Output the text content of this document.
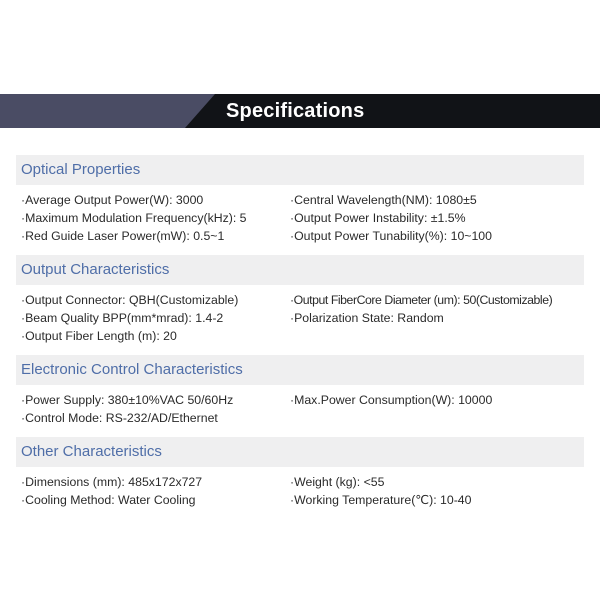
Specifications
Optical Properties
·Average Output Power(W): 3000	·Central Wavelength(NM): 1080±5
·Maximum Modulation Frequency(kHz): 5	·Output Power Instability: ±1.5%
·Red Guide Laser Power(mW): 0.5~1	·Output Power Tunability(%): 10~100
Output Characteristics
·Output Connector: QBH(Customizable)	·Output FiberCore Diameter (um): 50(Customizable)
·Beam Quality BPP(mm*mrad): 1.4-2	·Polarization State: Random
·Output Fiber Length (m): 20
Electronic Control Characteristics
·Power Supply: 380±10%VAC 50/60Hz	·Max.Power Consumption(W): 10000
·Control Mode: RS-232/AD/Ethernet
Other Characteristics
·Dimensions (mm): 485x172x727	·Weight (kg): <55
·Cooling Method: Water Cooling	·Working Temperature(℃): 10-40
